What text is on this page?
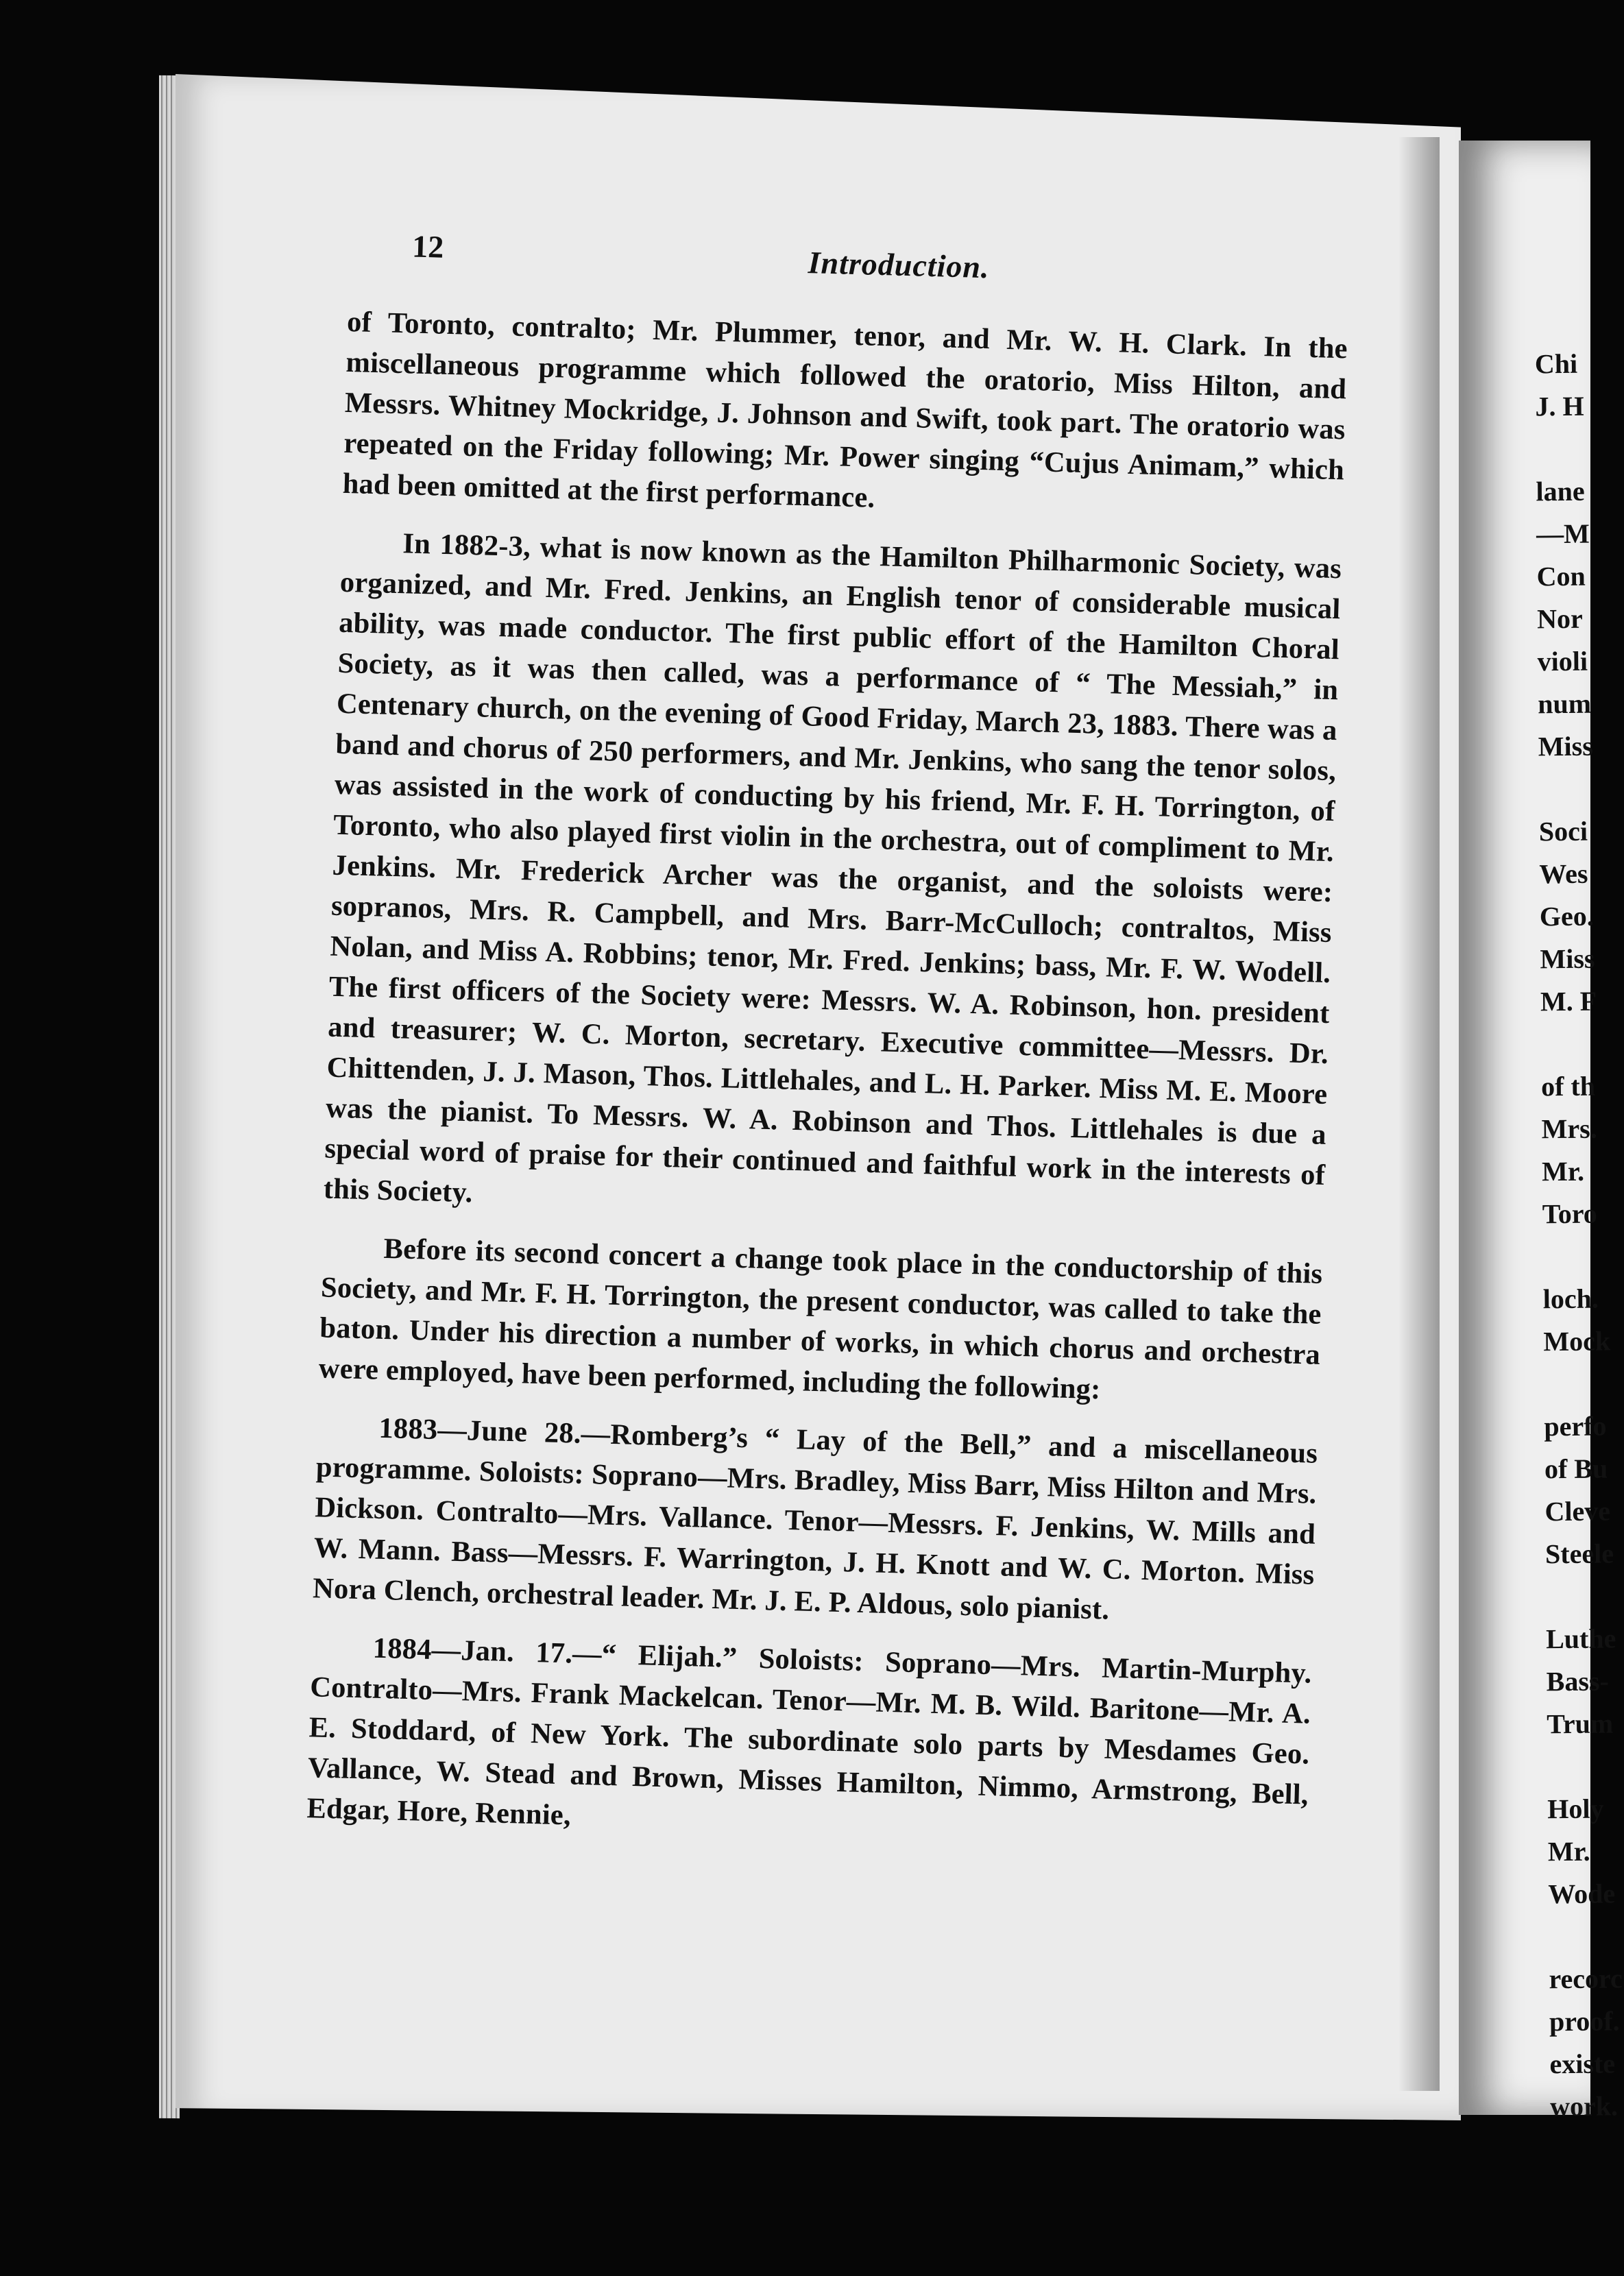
12	Introduction.

of Toronto, contralto; Mr. Plummer, tenor, and Mr. W. H. Clark. In the miscellaneous programme which followed the oratorio, Miss Hilton, and Messrs. Whitney Mockridge, J. Johnson and Swift, took part. The oratorio was repeated on the Friday following; Mr. Power singing “Cujus Animam,” which had been omitted at the first performance.

In 1882-3, what is now known as the Hamilton Philharmonic Society, was organized, and Mr. Fred. Jenkins, an English tenor of considerable musical ability, was made conductor. The first public effort of the Hamilton Choral Society, as it was then called, was a performance of “ The Messiah,” in Centenary church, on the evening of Good Friday, March 23, 1883. There was a band and chorus of 250 performers, and Mr. Jenkins, who sang the tenor solos, was assisted in the work of conducting by his friend, Mr. F. H. Torrington, of Toronto, who also played first violin in the orchestra, out of compliment to Mr. Jenkins. Mr. Frederick Archer was the organist, and the soloists were: sopranos, Mrs. R. Campbell, and Mrs. Barr-McCulloch; contraltos, Miss Nolan, and Miss A. Robbins; tenor, Mr. Fred. Jenkins; bass, Mr. F. W. Wodell. The first officers of the Society were: Messrs. W. A. Robinson, hon. president and treasurer; W. C. Morton, secretary. Executive committee—Messrs. Dr. Chittenden, J. J. Mason, Thos. Littlehales, and L. H. Parker. Miss M. E. Moore was the pianist. To Messrs. W. A. Robinson and Thos. Littlehales is due a special word of praise for their continued and faithful work in the interests of this Society.

Before its second concert a change took place in the conductorship of this Society, and Mr. F. H. Torrington, the present conductor, was called to take the baton. Under his direction a number of works, in which chorus and orchestra were employed, have been performed, including the following:

1883—June 28.—Romberg’s “ Lay of the Bell,” and a miscellaneous programme. Soloists: Soprano—Mrs. Bradley, Miss Barr, Miss Hilton and Mrs. Dickson. Contralto—Mrs. Vallance. Tenor—Messrs. F. Jenkins, W. Mills and W. Mann. Bass—Messrs. F. Warrington, J. H. Knott and W. C. Morton. Miss Nora Clench, orchestral leader. Mr. J. E. P. Aldous, solo pianist.

1884—Jan. 17.—“ Elijah.” Soloists: Soprano—Mrs. Martin-Murphy. Contralto—Mrs. Frank Mackelcan. Tenor—Mr. M. B. Wild. Baritone—Mr. A. E. Stoddard, of New York. The subordinate solo parts by Mesdames Geo. Vallance, W. Stead and Brown, Misses Hamilton, Nimmo, Armstrong, Bell, Edgar, Hore, Rennie,

Chi
J. H
lane
—M
Con
Nor
violi
num
Miss
Soci
Wes
Geo.
Miss
M. F
of th
Mrs.
Mr.
Toro
loch.
Mock
perfo
of Bu
Cleve
Steele
Luthe
Bass-
Trum
Holy
Mr.
Wode
recorc
proof.
existe
work.
